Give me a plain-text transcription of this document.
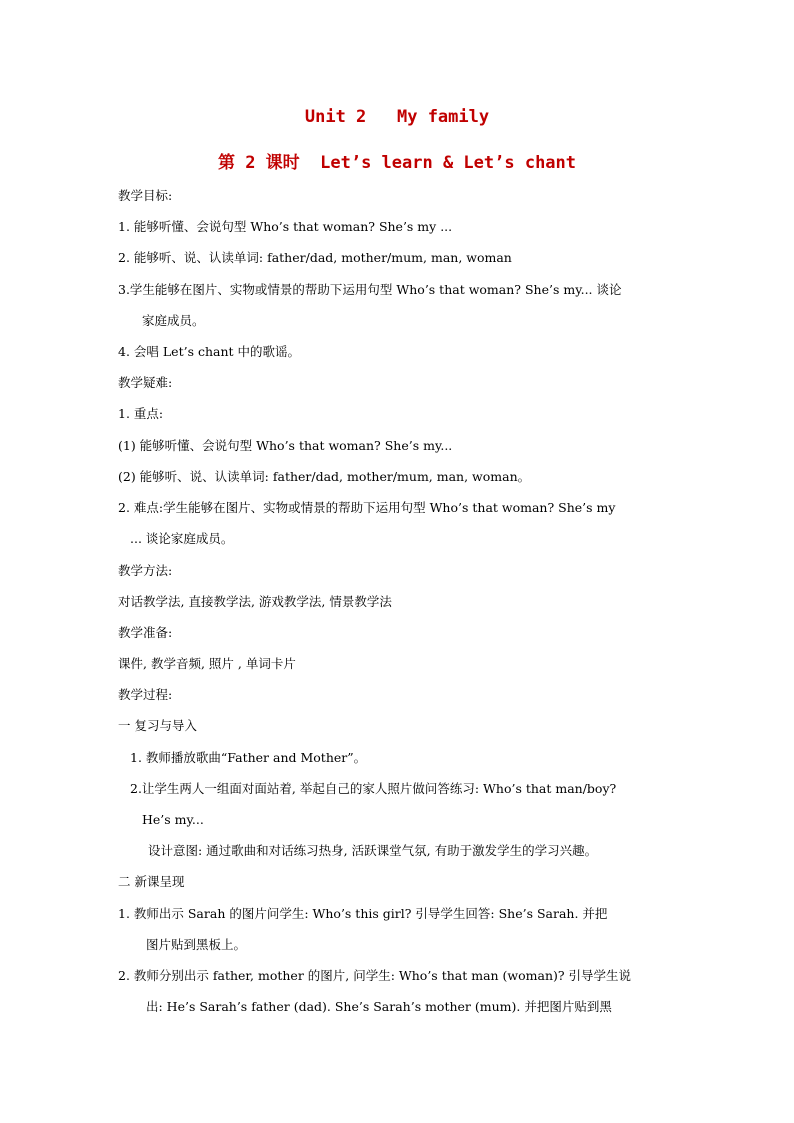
Unit 2   My family
第 2 课时  Let’s learn & Let’s chant
教学目标:
1. 能够听懂、会说句型 Who’s that woman? She’s my ...
2. 能够听、说、认读单词: father/dad, mother/mum, man, woman
3.学生能够在图片、实物或情景的帮助下运用句型 Who’s that woman? She’s my... 谈论
家庭成员。
4. 会唱 Let’s chant 中的歌谣。
教学疑难:
1. 重点:
(1) 能够听懂、会说句型 Who’s that woman? She’s my...
(2) 能够听、说、认读单词: father/dad, mother/mum, man, woman。
2. 难点:学生能够在图片、实物或情景的帮助下运用句型 Who’s that woman? She’s my
... 谈论家庭成员。
教学方法:
对话教学法, 直接教学法, 游戏教学法, 情景教学法
教学准备:
课件, 教学音频, 照片 , 单词卡片
教学过程:
一 复习与导入
1. 教师播放歌曲“Father and Mother”。
2.让学生两人一组面对面站着, 举起自己的家人照片做问答练习: Who’s that man/boy?
He’s my...
设计意图: 通过歌曲和对话练习热身, 活跃课堂气氛, 有助于激发学生的学习兴趣。
二 新课呈现
1. 教师出示 Sarah 的图片问学生: Who’s this girl? 引导学生回答: She’s Sarah. 并把
图片贴到黑板上。
2. 教师分别出示 father, mother 的图片, 问学生: Who’s that man (woman)? 引导学生说
出: He’s Sarah’s father (dad). She’s Sarah’s mother (mum). 并把图片贴到黑
